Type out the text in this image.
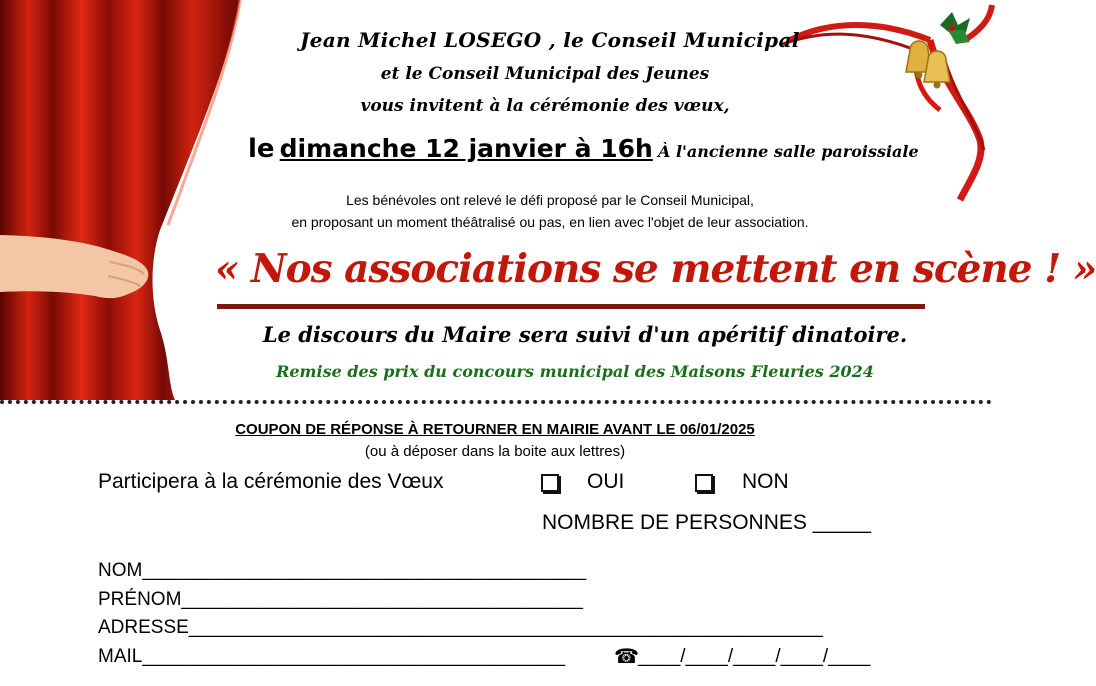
Jean Michel LOSEGO , le Conseil Municipal
et le Conseil Municipal des Jeunes
vous invitent à la cérémonie des vœux,
le dimanche 12 janvier à 16h À l'ancienne salle paroissiale
Les bénévoles ont relevé le défi proposé par le Conseil Municipal,
en proposant un moment théâtralisé ou pas, en lien avec l'objet de leur association.
« Nos associations se mettent en scène ! »
Le discours du Maire sera suivi d'un apéritif dinatoire.
Remise des prix du concours municipal des Maisons Fleuries 2024
COUPON DE RÉPONSE À RETOURNER EN MAIRIE AVANT LE 06/01/2025
(ou à déposer dans la boite aux lettres)
Participera à la cérémonie des Vœux	OUI	NON
NOMBRE DE PERSONNES _____
NOM__________________________________________
PRÉNOM______________________________________
ADRESSE____________________________________________________________
MAIL________________________________________ ☎ ____/____/____/____/____
